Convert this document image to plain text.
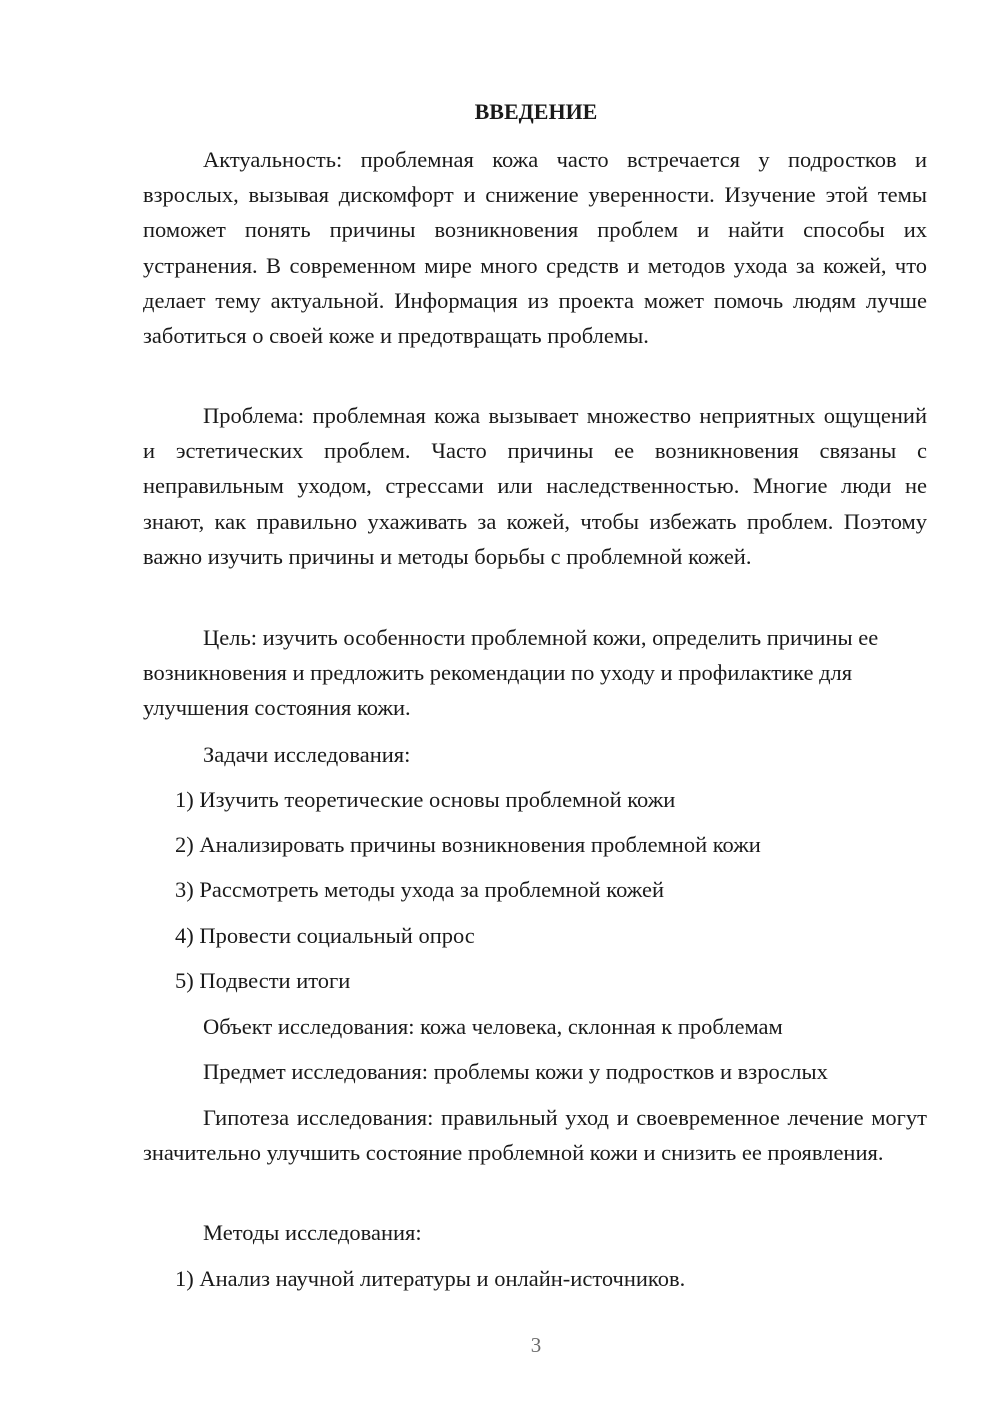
ВВЕДЕНИЕ

Актуальность: проблемная кожа часто встречается у подростков и взрослых, вызывая дискомфорт и снижение уверенности. Изучение этой темы поможет понять причины возникновения проблем и найти способы их устранения. В современном мире много средств и методов ухода за кожей, что делает тему актуальной. Информация из проекта может помочь людям лучше заботиться о своей коже и предотвращать проблемы.

Проблема: проблемная кожа вызывает множество неприятных ощущений и эстетических проблем. Часто причины ее возникновения связаны с неправильным уходом, стрессами или наследственностью. Многие люди не знают, как правильно ухаживать за кожей, чтобы избежать проблем. Поэтому важно изучить причины и методы борьбы с проблемной кожей.

Цель: изучить особенности проблемной кожи, определить причины ее возникновения и предложить рекомендации по уходу и профилактике для улучшения состояния кожи.

Задачи исследования:
1) Изучить теоретические основы проблемной кожи
2) Анализировать причины возникновения проблемной кожи
3) Рассмотреть методы ухода за проблемной кожей
4) Провести социальный опрос
5) Подвести итоги
Объект исследования: кожа человека, склонная к проблемам
Предмет исследования: проблемы кожи у подростков и взрослых

Гипотеза исследования: правильный уход и своевременное лечение могут значительно улучшить состояние проблемной кожи и снизить ее проявления.

Методы исследования:
1) Анализ научной литературы и онлайн-источников.
3
